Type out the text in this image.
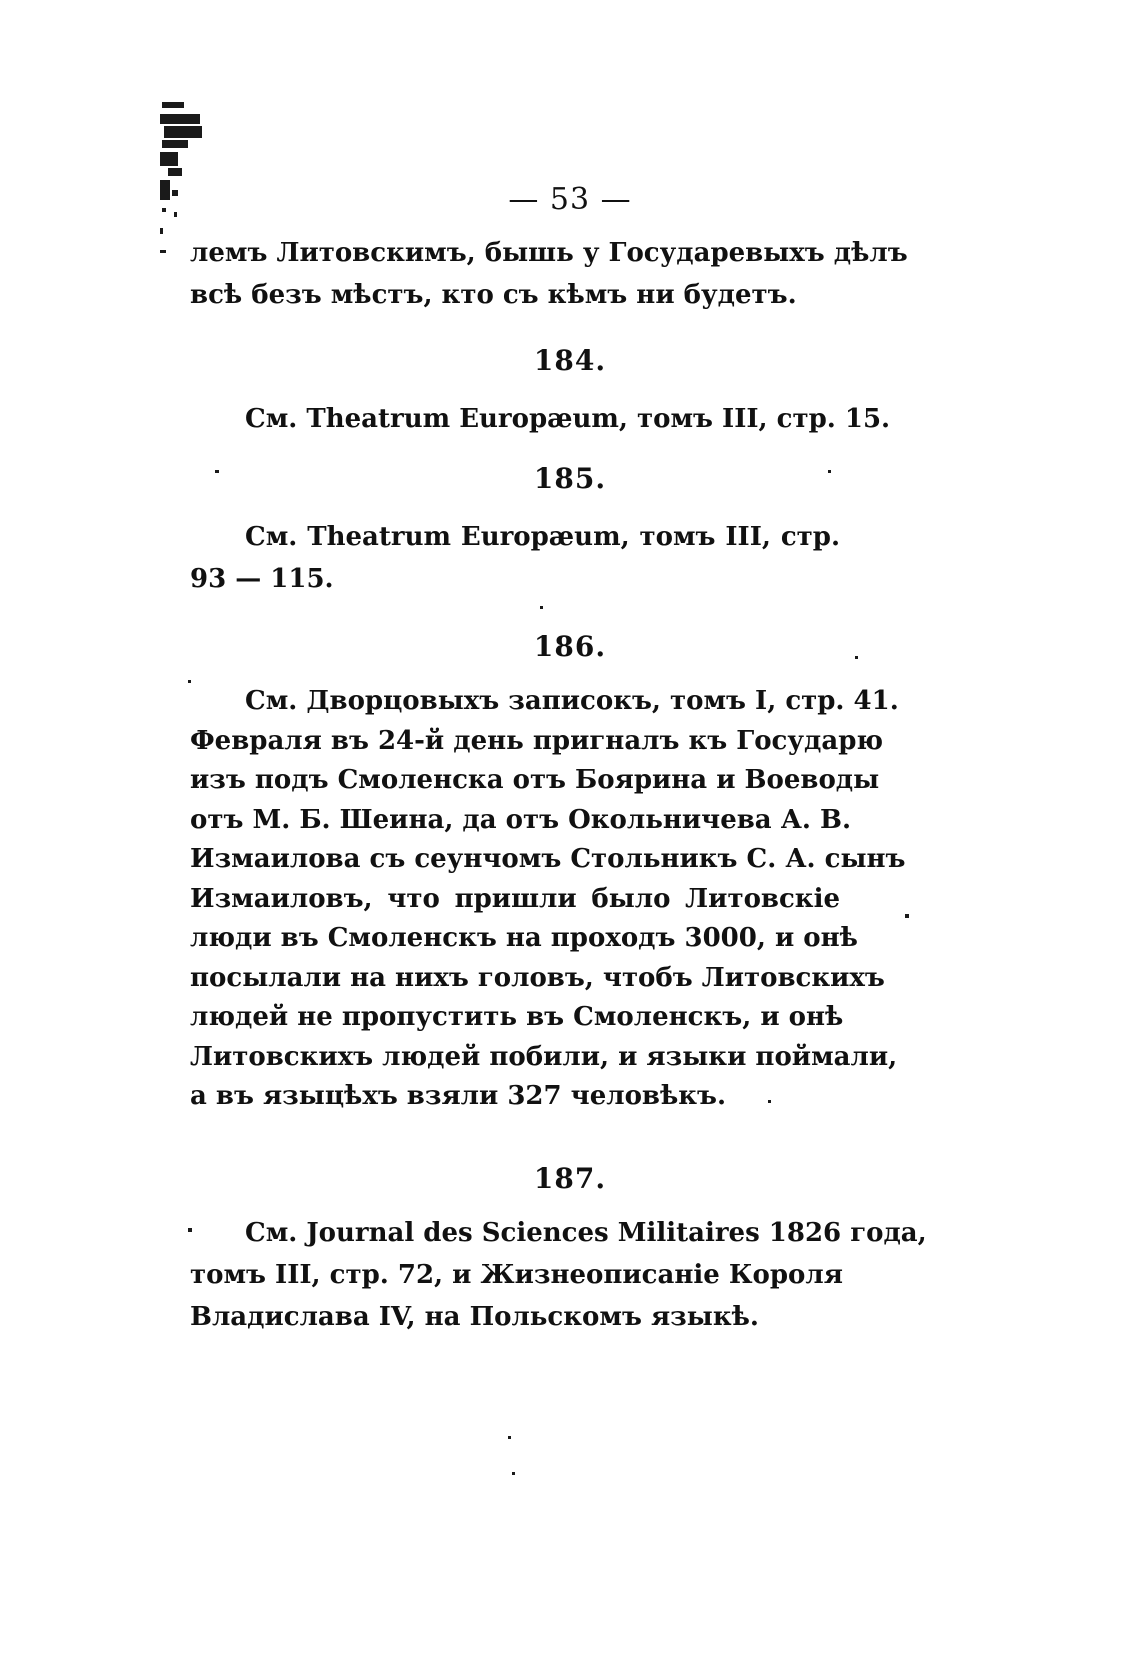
— 53 —
лемъ Литовскимъ, бышь у Государевыхъ дѣлъ
всѣ безъ мѣстъ, кто съ кѣмъ ни будетъ.
184.
См. Theatrum Europæum, томъ III, стр. 15.
185.
См. Theatrum Europæum, томъ III, стр.
93 — 115.
186.
См. Дворцовыхъ записокъ, томъ I, стр. 41.
Февраля въ 24-й день пригналъ къ Государю
изъ подъ Смоленска отъ Боярина и Воеводы
отъ М. Б. Шеина, да отъ Окольничева А. В.
Измаилова съ сеунчомъ Стольникъ С. А. сынъ
Измаиловъ, что пришли было Литовскіе
люди въ Смоленскъ на проходъ 3000, и онѣ
посылали на нихъ головъ, чтобъ Литовскихъ
людей не пропустить въ Смоленскъ, и онѣ
Литовскихъ людей побили, и языки поймали,
а въ языцѣхъ взяли 327 человѣкъ.
187.
См. Journal des Sciences Militaires 1826 года,
томъ III, стр. 72, и Жизнеописаніе Короля
Владислава IV, на Польскомъ языкѣ.
